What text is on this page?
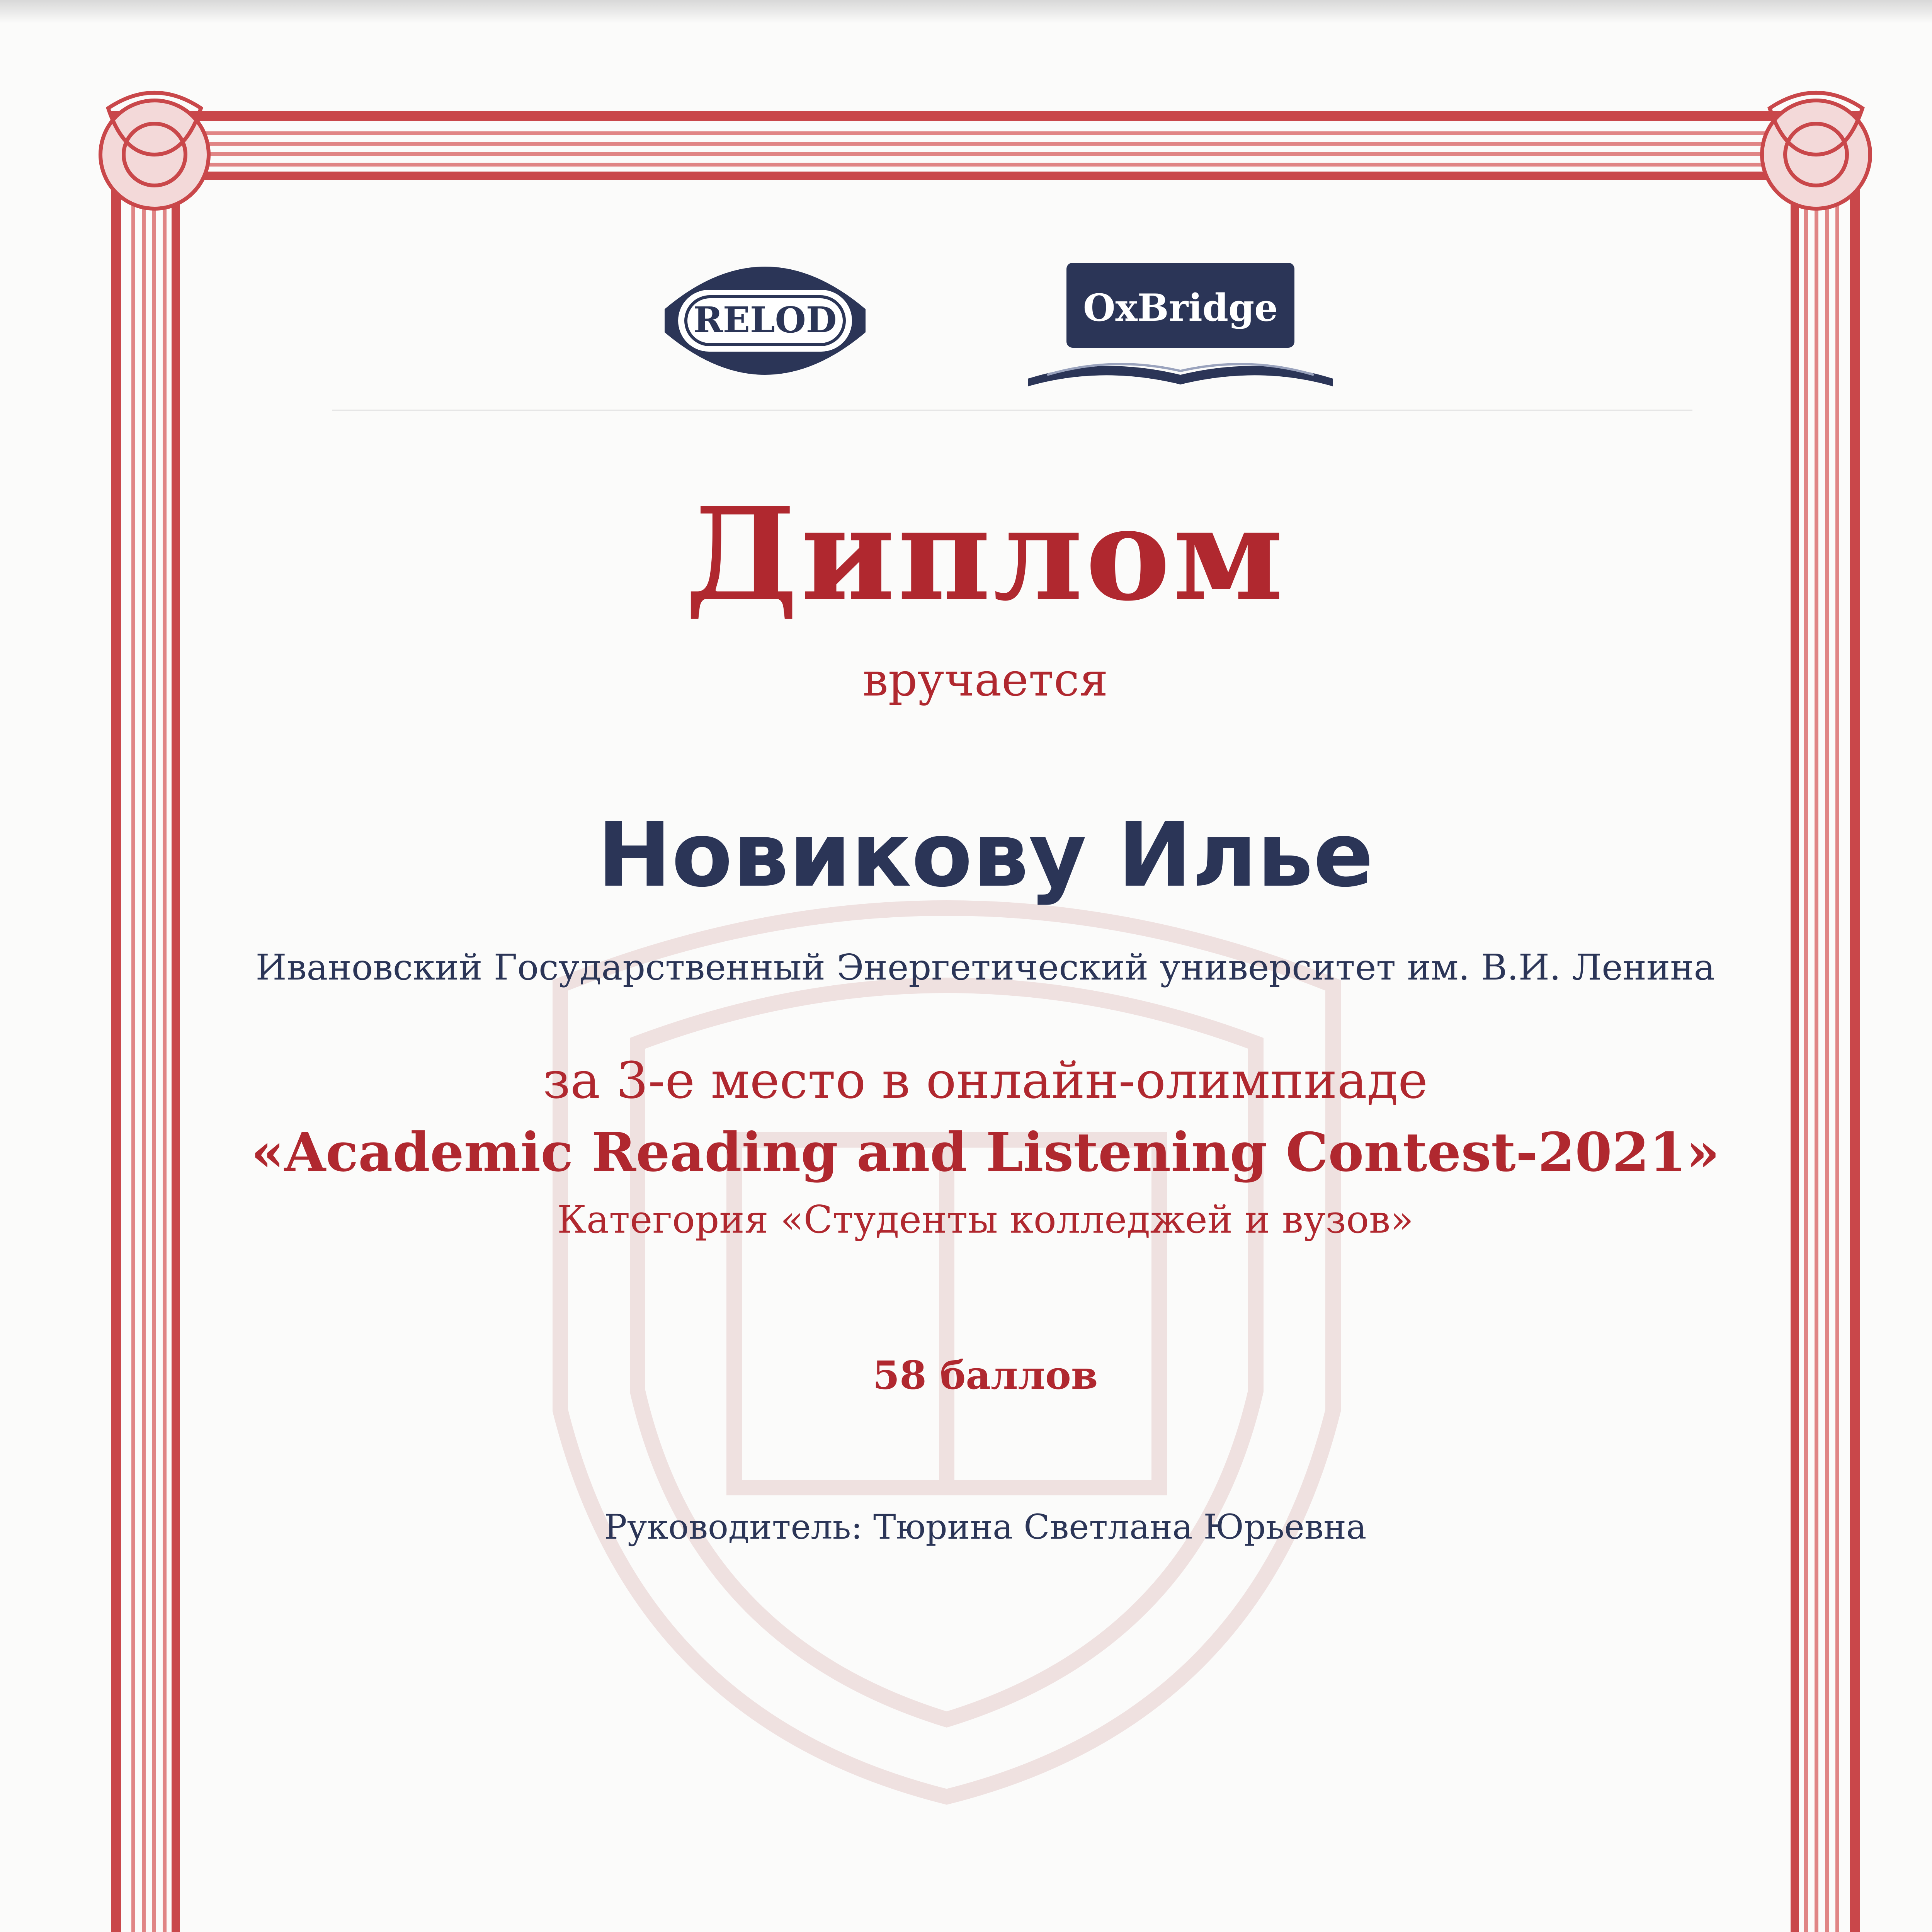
RELOD	OxBridge
Диплом
вручается
Новикову Илье
Ивановский Государственный Энергетический университет им. В.И. Ленина
за 3-е место в онлайн-олимпиаде
«Academic Reading and Listening Contest-2021»
Категория «Студенты колледжей и вузов»
58 баллов
Руководитель: Тюрина Светлана Юрьевна
